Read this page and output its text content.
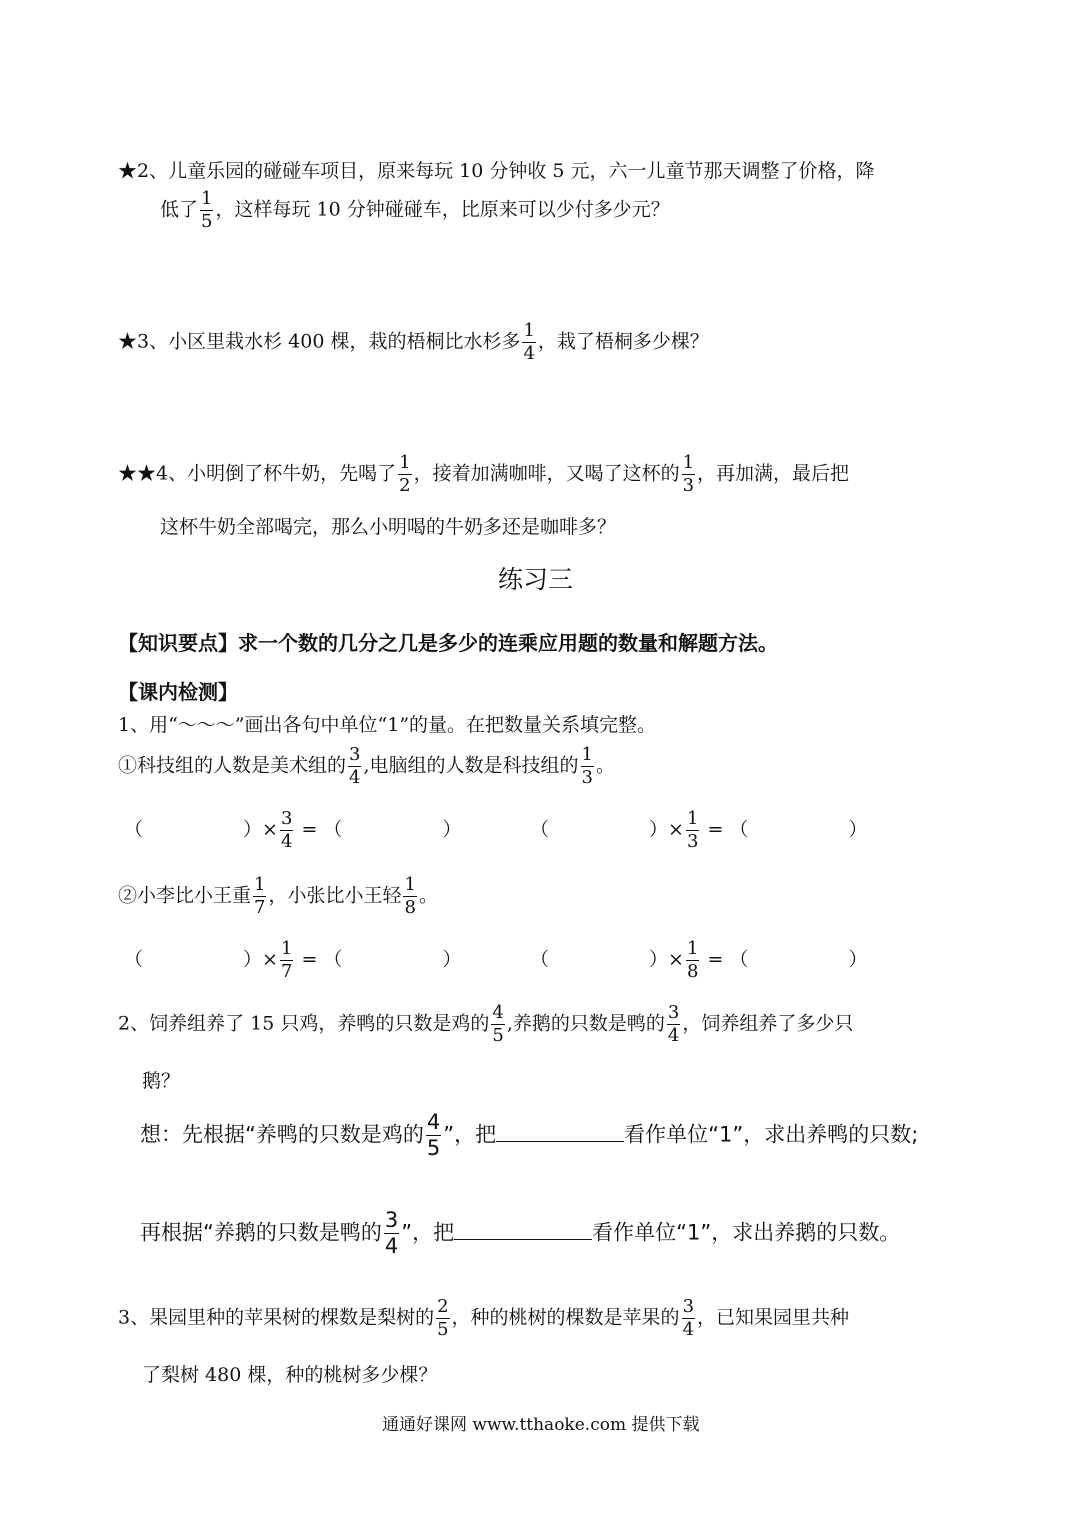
★2、儿童乐园的碰碰车项目，原来每玩 10 分钟收 5 元，六一儿童节那天调整了价格，降
低了 $\frac{1}{5}$ ，这样每玩 10 分钟碰碰车，比原来可以少付多少元？
★3、小区里栽水杉 400 棵，栽的梧桐比水杉多 $\frac{1}{4}$ ，栽了梧桐多少棵？
★★4、小明倒了杯牛奶，先喝了 $\frac{1}{2}$ ，接着加满咖啡，又喝了这杯的 $\frac{1}{3}$ ，再加满，最后把
这杯牛奶全部喝完，那么小明喝的牛奶多还是咖啡多？
练习三
【知识要点】求一个数的几分之几是多少的连乘应用题的数量和解题方法。
【课内检测】
1、用“～～～”画出各句中单位“1”的量。在把数量关系填完整。
①科技组的人数是美术组的 $\frac{3}{4}$ ,电脑组的人数是科技组的 $\frac{1}{3}$ 。
（	）× $\frac{3}{4}$ = （	）	（	）× $\frac{1}{3}$ = （	）
②小李比小王重 $\frac{1}{7}$ ，小张比小王轻 $\frac{1}{8}$ 。
（	）× $\frac{1}{7}$ = （	）	（	）× $\frac{1}{8}$ = （	）
2、饲养组养了 15 只鸡，养鸭的只数是鸡的 $\frac{4}{5}$ ,养鹅的只数是鸭的 $\frac{3}{4}$ ，饲养组养了多少只
鹅？
想：先根据“养鸭的只数是鸡的 $\frac{4}{5}$ ”，把	看作单位“1”，求出养鸭的只数;
再根据“养鹅的只数是鸭的 $\frac{3}{4}$ ”，把	看作单位“1”，求出养鹅的只数。
3、果园里种的苹果树的棵数是梨树的 $\frac{2}{5}$ ，种的桃树的棵数是苹果的 $\frac{3}{4}$ ，已知果园里共种
了梨树 480 棵，种的桃树多少棵？
通通好课网 www.tthaoke.com 提供下载
